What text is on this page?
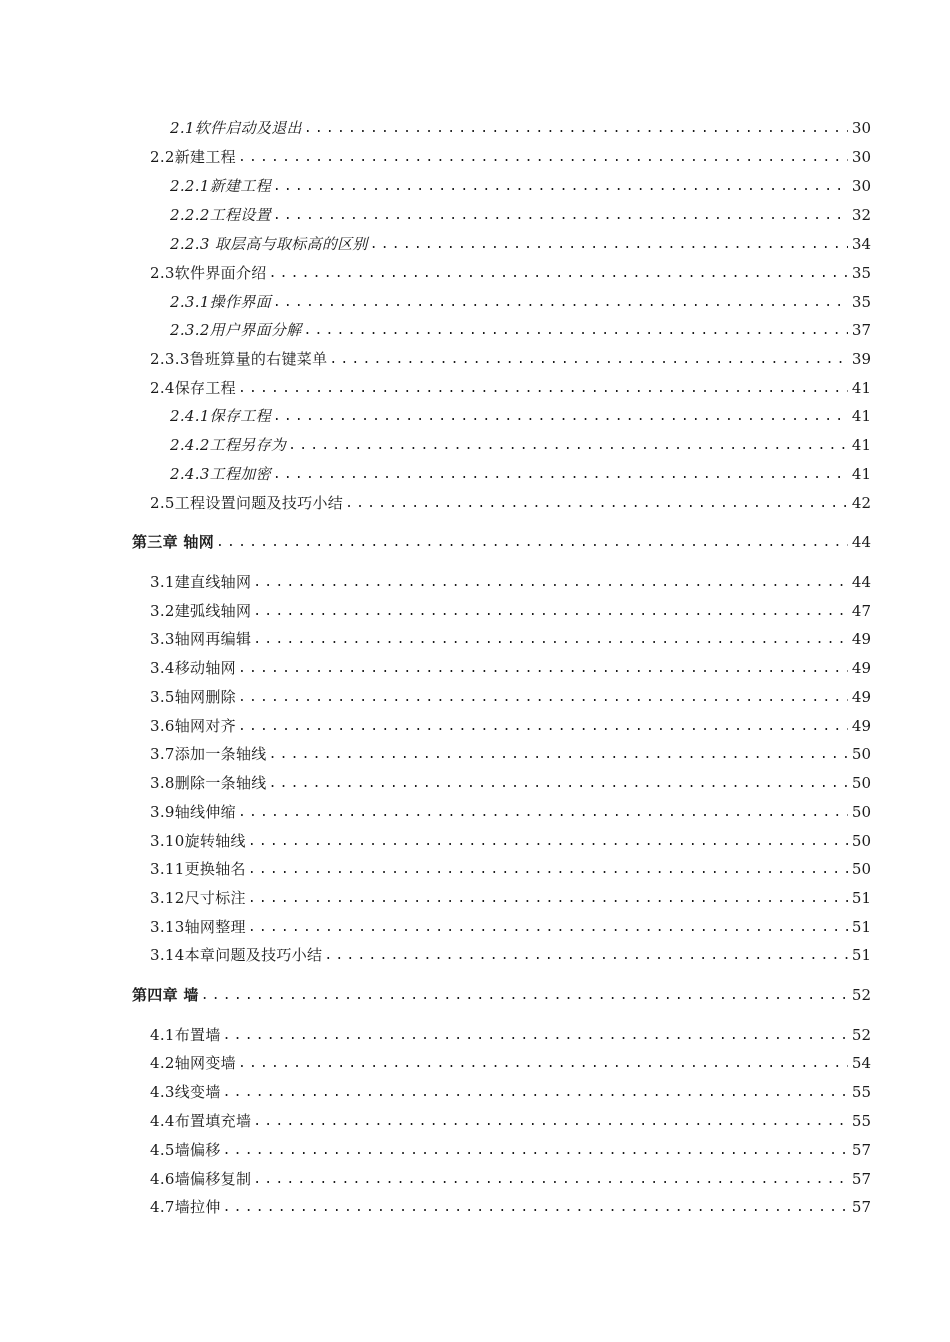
2.1软件启动及退出 .....	30
2.2新建工程 .....	30
2.2.1新建工程 .....	30
2.2.2工程设置 .....	32
2.2.3 取层高与取标高的区别 .....	34
2.3软件界面介绍 .....	35
2.3.1操作界面 .....	35
2.3.2用户界面分解 .....	37
2.3.3鲁班算量的右键菜单 .....	39
2.4保存工程 .....	41
2.4.1保存工程 .....	41
2.4.2工程另存为 .....	41
2.4.3工程加密 .....	41
2.5工程设置问题及技巧小结 .....	42
第三章 轴网 .....	44
3.1建直线轴网 .....	44
3.2建弧线轴网 .....	47
3.3轴网再编辑 .....	49
3.4移动轴网 .....	49
3.5轴网删除 .....	49
3.6轴网对齐 .....	49
3.7添加一条轴线 .....	50
3.8删除一条轴线 .....	50
3.9轴线伸缩 .....	50
3.10旋转轴线 .....	50
3.11更换轴名 .....	50
3.12尺寸标注 .....	51
3.13轴网整理 .....	51
3.14本章问题及技巧小结 .....	51
第四章 墙 .....	52
4.1布置墙 .....	52
4.2轴网变墙 .....	54
4.3线变墙 .....	55
4.4布置填充墙 .....	55
4.5墙偏移 .....	57
4.6墙偏移复制 .....	57
4.7墙拉伸 .....	57
